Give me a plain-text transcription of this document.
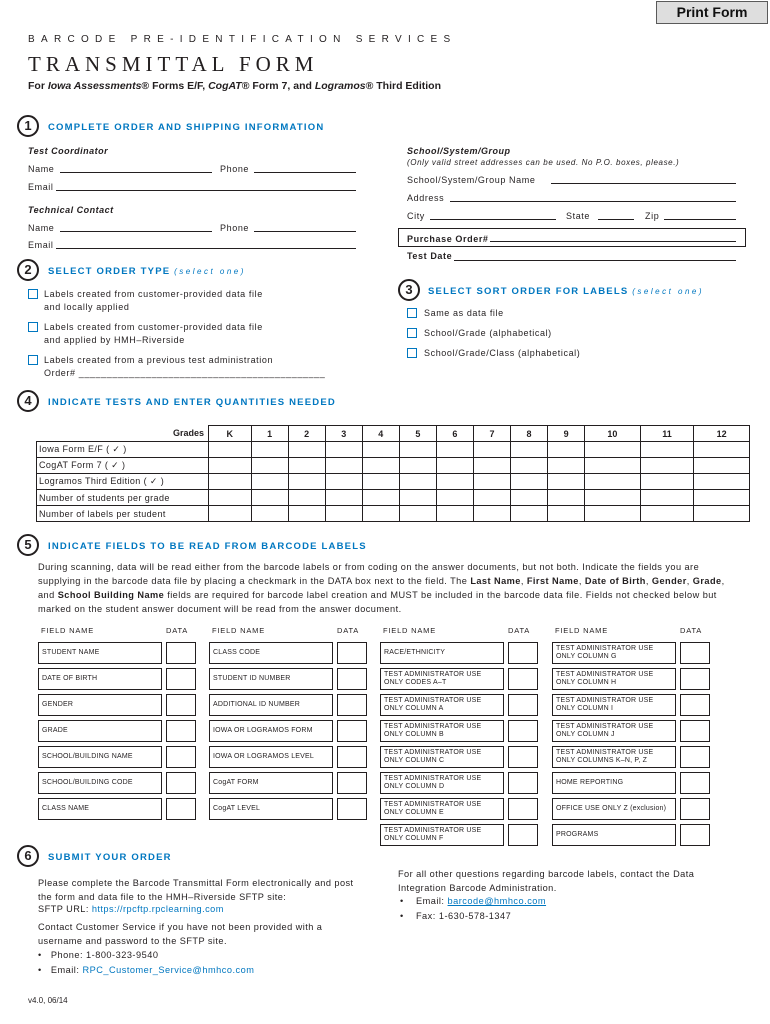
Print Form
BARCODE PRE-IDENTIFICATION SERVICES
TRANSMITTAL FORM
For Iowa Assessments® Forms E/F, CogAT® Form 7, and Logramos® Third Edition
1	COMPLETE ORDER AND SHIPPING INFORMATION
Test Coordinator
Name	Phone
Email
Technical Contact
Name	Phone
Email
School/System/Group
(Only valid street addresses can be used. No P.O. boxes, please.)
School/System/Group Name
Address
City	State	Zip
Purchase Order#
Test Date
2	SELECT ORDER TYPE (select one)
Labels created from customer-provided data file
and locally applied
Labels created from customer-provided data file
and applied by HMH–Riverside
Labels created from a previous test administration
Order# ____________________________________________
3	SELECT SORT ORDER FOR LABELS (select one)
Same as data file
School/Grade (alphabetical)
School/Grade/Class (alphabetical)
4	INDICATE TESTS AND ENTER QUANTITIES NEEDED
Grades	K	1	2	3	4	5	6	7	8	9	10	11	12
Iowa Form E/F ( ✓ )													
CogAT Form 7 ( ✓ )													
Logramos Third Edition ( ✓ )													
Number of students per grade													
Number of labels per student													
5	INDICATE FIELDS TO BE READ FROM BARCODE LABELS
During scanning, data will be read either from the barcode labels or from coding on the answer documents, but not both. Indicate the fields you are supplying in the barcode data file by placing a checkmark in the DATA box next to the field. The Last Name, First Name, Date of Birth, Gender, Grade, and School Building Name fields are required for barcode label creation and MUST be included in the barcode data file. Fields not checked below but marked on the student answer document will be read from the answer document.
FIELD NAME	DATA
STUDENT NAME
DATE OF BIRTH
GENDER
GRADE
SCHOOL/BUILDING NAME
SCHOOL/BUILDING CODE
CLASS NAME
FIELD NAME	DATA
CLASS CODE
STUDENT ID NUMBER
ADDITIONAL ID NUMBER
IOWA OR LOGRAMOS FORM
IOWA OR LOGRAMOS LEVEL
CogAT FORM
CogAT LEVEL
FIELD NAME	DATA
RACE/ETHNICITY
TEST ADMINISTRATOR USE ONLY CODES A–T
TEST ADMINISTRATOR USE ONLY COLUMN A
TEST ADMINISTRATOR USE ONLY COLUMN B
TEST ADMINISTRATOR USE ONLY COLUMN C
TEST ADMINISTRATOR USE ONLY COLUMN D
TEST ADMINISTRATOR USE ONLY COLUMN E
TEST ADMINISTRATOR USE ONLY COLUMN F
FIELD NAME	DATA
TEST ADMINISTRATOR USE ONLY COLUMN G
TEST ADMINISTRATOR USE ONLY COLUMN H
TEST ADMINISTRATOR USE ONLY COLUMN I
TEST ADMINISTRATOR USE ONLY COLUMN J
TEST ADMINISTRATOR USE ONLY COLUMNS K–N, P, Z
HOME REPORTING
OFFICE USE ONLY Z (exclusion)
PROGRAMS
6	SUBMIT YOUR ORDER
Please complete the Barcode Transmittal Form electronically and post the form and data file to the HMH–Riverside SFTP site:
SFTP URL: https://rpcftp.rpclearning.com
Contact Customer Service if you have not been provided with a username and password to the SFTP site.
•   Phone: 1-800-323-9540
•   Email: RPC_Customer_Service@hmhco.com
For all other questions regarding barcode labels, contact the Data Integration Barcode Administration.
•    Email: barcode@hmhco.com
•    Fax: 1-630-578-1347
v4.0, 06/14
